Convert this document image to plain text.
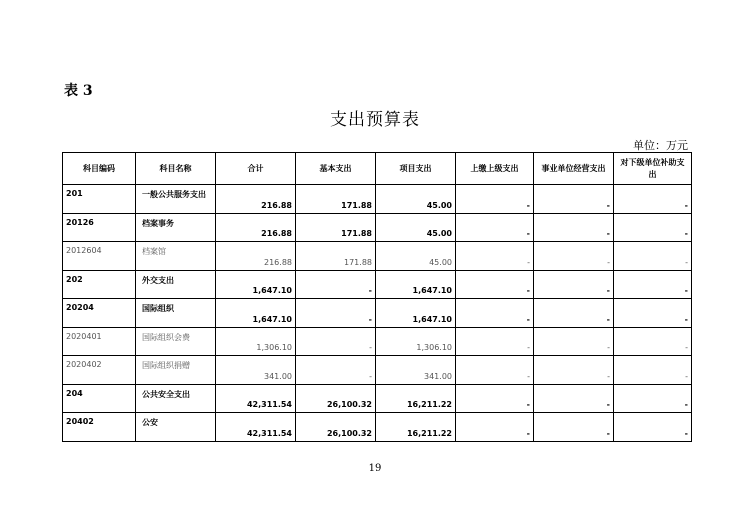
表 3
支出预算表
单位：万元
科目编码	科目名称	合计	基本支出	项目支出	上缴上级支出	事业单位经营支出	对下级单位补助支出
201	一般公共服务支出	216.88	171.88	45.00	-	-	-
20126	档案事务	216.88	171.88	45.00	-	-	-
2012604	档案馆	216.88	171.88	45.00	-	-	-
202	外交支出	1,647.10	-	1,647.10	-	-	-
20204	国际组织	1,647.10	-	1,647.10	-	-	-
2020401	国际组织会费	1,306.10	-	1,306.10	-	-	-
2020402	国际组织捐赠	341.00	-	341.00	-	-	-
204	公共安全支出	42,311.54	26,100.32	16,211.22	-	-	-
20402	公安	42,311.54	26,100.32	16,211.22	-	-	-
19
